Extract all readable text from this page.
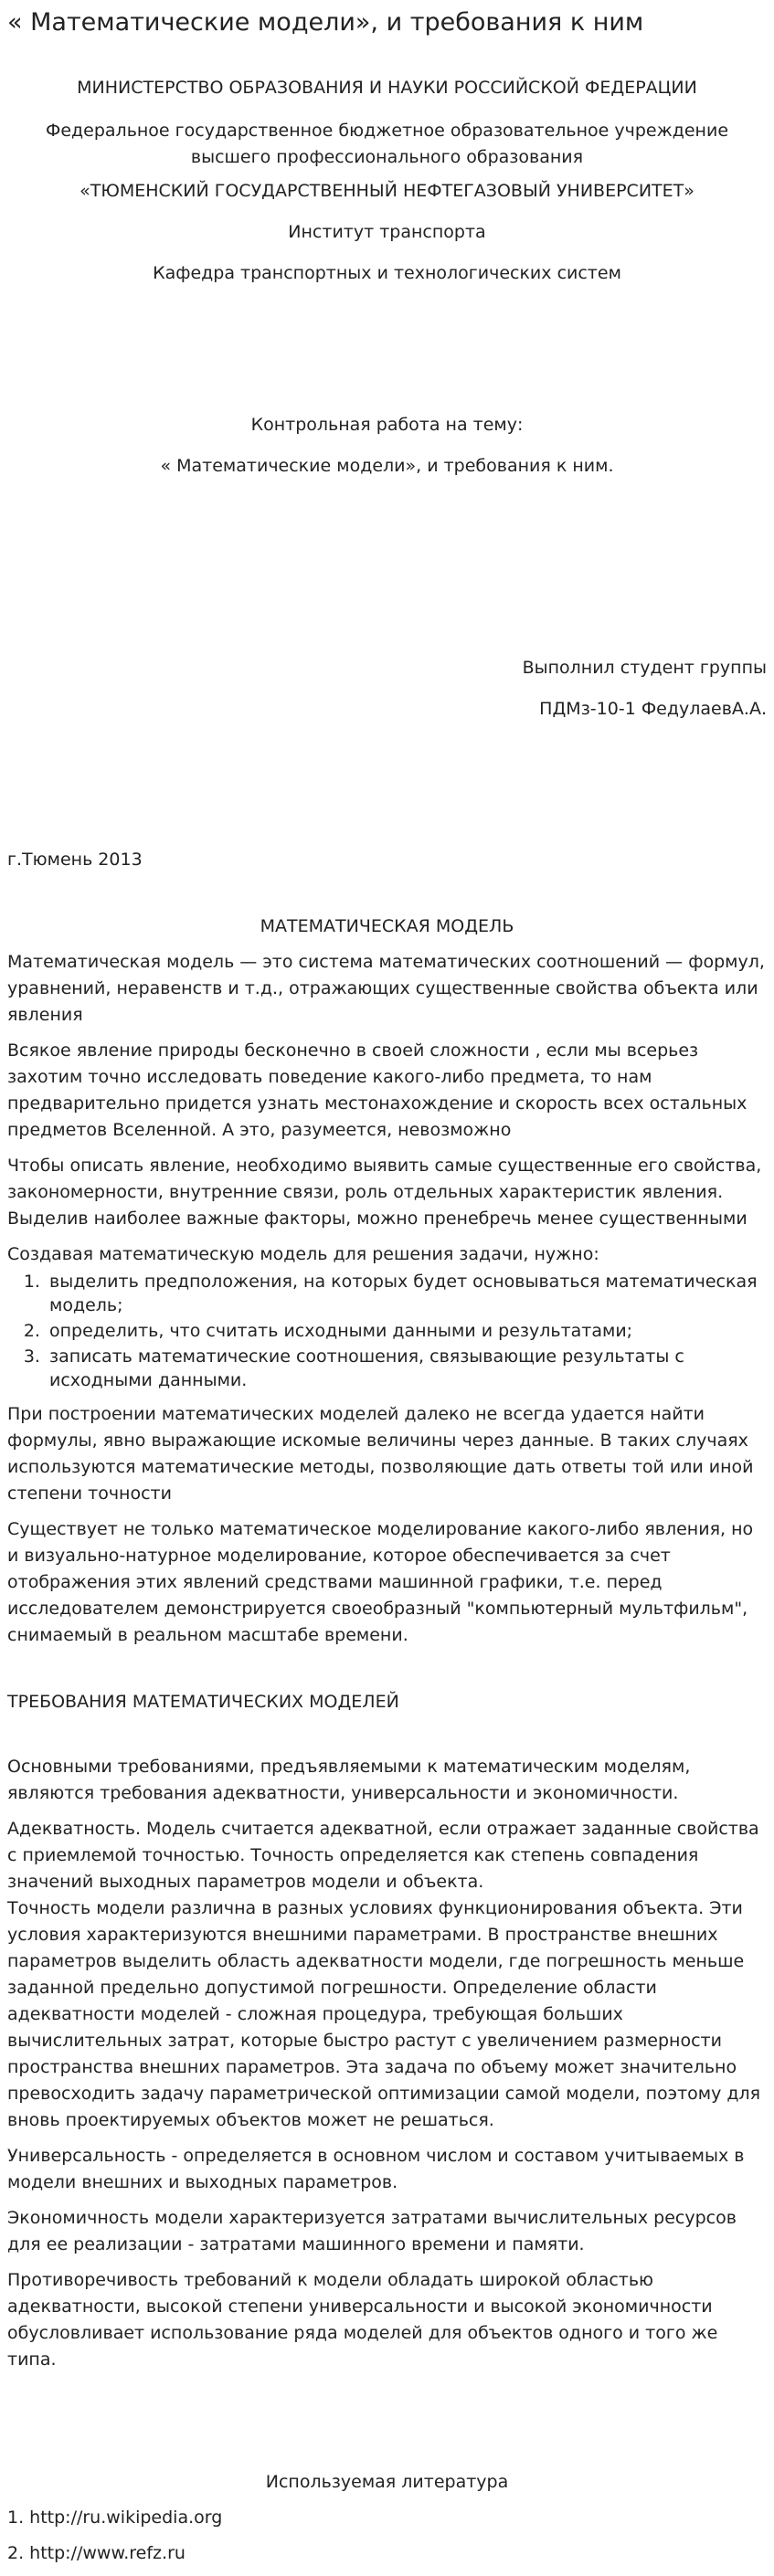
« Математические модели», и требования к ним

МИНИСТЕРСТВО ОБРАЗОВАНИЯ И НАУКИ РОССИЙСКОЙ ФЕДЕРАЦИИ

Федеральное государственное бюджетное образовательное учреждение

высшего профессионального образования

«ТЮМЕНСКИЙ ГОСУДАРСТВЕННЫЙ НЕФТЕГАЗОВЫЙ УНИВЕРСИТЕТ»

Институт транспорта

Кафедра транспортных и технологических систем

Контрольная работа на тему:

« Математические модели», и требования к ним.

Выполнил студент группы

ПДМз-10-1 ФедулаевА.А.

г.Тюмень 2013

МАТЕМАТИЧЕСКАЯ МОДЕЛЬ

Математическая модель — это система математических соотношений — формул, уравнений, неравенств и т.д., отражающих существенные свойства объекта или явления

Всякое явление природы бесконечно в своей сложности , если мы всерьез захотим точно исследовать поведение какого-либо предмета, то нам предварительно придется узнать местонахождение и скорость всех остальных предметов Вселенной. А это, разумеется, невозможно

Чтобы описать явление, необходимо выявить самые существенные его свойства, закономерности, внутренние связи, роль отдельных характеристик явления. Выделив наиболее важные факторы, можно пренебречь менее существенными

Создавая математическую модель для решения задачи, нужно:

1. выделить предположения, на которых будет основываться математическая модель;
2. определить, что считать исходными данными и результатами;
3. записать математические соотношения, связывающие результаты с исходными данными.

При построении математических моделей далеко не всегда удается найти формулы, явно выражающие искомые величины через данные. В таких случаях используются математические методы, позволяющие дать ответы той или иной степени точности

Существует не только математическое моделирование какого-либо явления, но и визуально-натурное моделирование, которое обеспечивается за счет отображения этих явлений средствами машинной графики, т.е. перед исследователем демонстрируется своеобразный "компьютерный мультфильм", снимаемый в реальном масштабе времени.

ТРЕБОВАНИЯ МАТЕМАТИЧЕСКИХ МОДЕЛЕЙ

Основными требованиями, предъявляемыми к математическим моделям, являются требования адекватности, универсальности и экономичности.

Адекватность. Модель считается адекватной, если отражает заданные свойства с приемлемой точностью. Точность определяется как степень совпадения значений выходных параметров модели и объекта.

Точность модели различна в разных условиях функционирования объекта. Эти условия характеризуются внешними параметрами. В пространстве внешних параметров выделить область адекватности модели, где погрешность меньше заданной предельно допустимой погрешности. Определение области адекватности моделей - сложная процедура, требующая больших вычислительных затрат, которые быстро растут с увеличением размерности пространства внешних параметров. Эта задача по объему может значительно превосходить задачу параметрической оптимизации самой модели, поэтому для вновь проектируемых объектов может не решаться.

Универсальность - определяется в основном числом и составом учитываемых в модели внешних и выходных параметров.

Экономичность модели характеризуется затратами вычислительных ресурсов для ее реализации - затратами машинного времени и памяти.

Противоречивость требований к модели обладать широкой областью адекватности, высокой степени универсальности и высокой экономичности обусловливает использование ряда моделей для объектов одного и того же типа.

Используемая литература

1. http://ru.wikipedia.org

2. http://www.refz.ru
